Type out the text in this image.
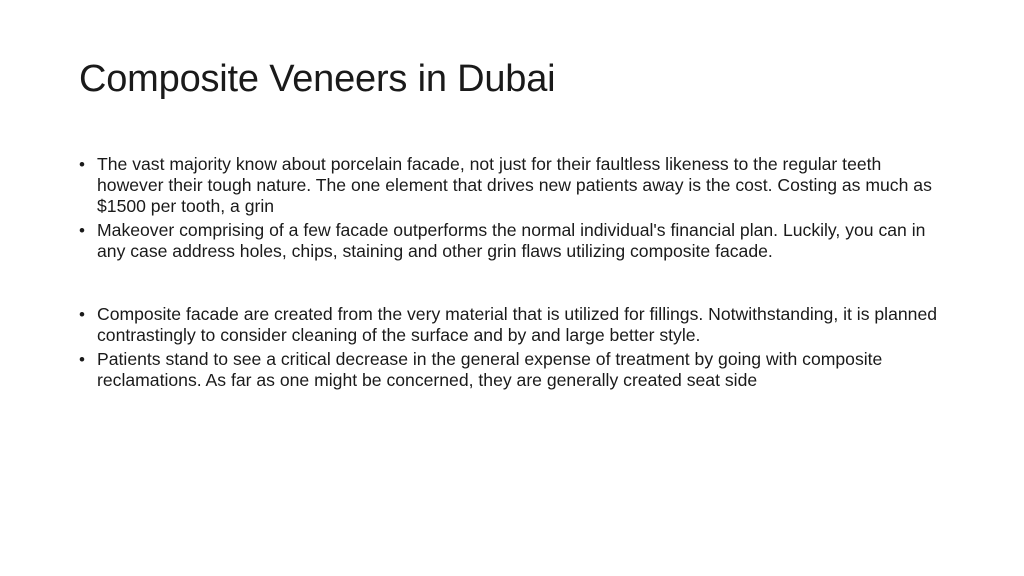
Composite Veneers in Dubai
• The vast majority know about porcelain facade, not just for their faultless likeness to the regular teeth however their tough nature. The one element that drives new patients away is the cost. Costing as much as $1500 per tooth, a grin
• Makeover comprising of a few facade outperforms the normal individual's financial plan. Luckily, you can in any case address holes, chips, staining and other grin flaws utilizing composite facade.
• Composite facade are created from the very material that is utilized for fillings. Notwithstanding, it is planned contrastingly to consider cleaning of the surface and by and large better style.
• Patients stand to see a critical decrease in the general expense of treatment by going with composite reclamations. As far as one might be concerned, they are generally created seat side
